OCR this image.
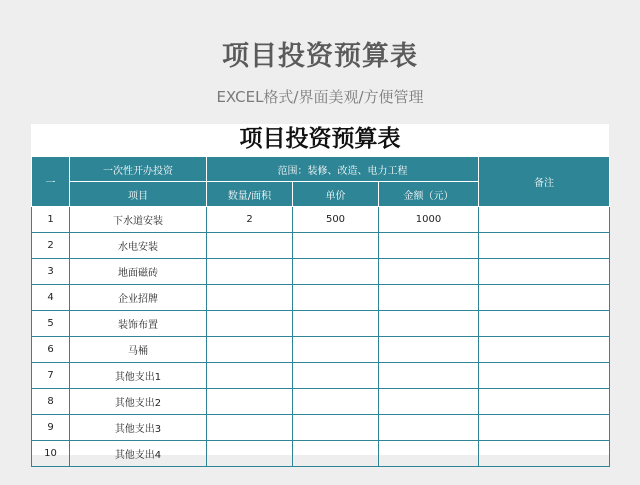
项目投资预算表
EXCEL格式/界面美观/方便管理
项目投资预算表
一	一次性开办投资	范围：装修、改造、电力工程			备注
	项目	数量/面积	单价	金额（元）	
1	下水道安装	2	500	1000	
2	水电安装				
3	地面磁砖				
4	企业招牌				
5	装饰布置				
6	马桶				
7	其他支出1				
8	其他支出2				
9	其他支出3				
10	其他支出4				
